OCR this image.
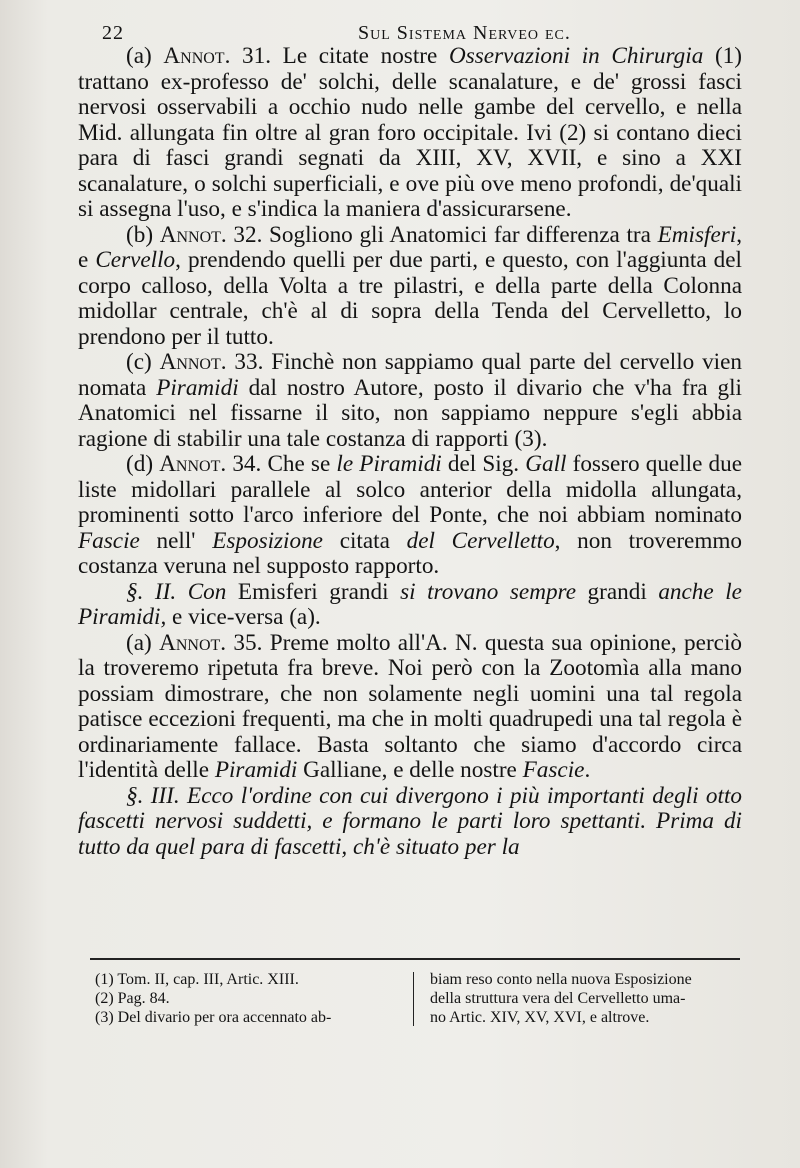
22	Sul Sistema Nerveo ec.

(a) Annot. 31. Le citate nostre Osservazioni in Chirurgia (1) trattano ex-professo de' solchi, delle scanalature, e de' grossi fasci nervosi osservabili a occhio nudo nelle gambe del cervello, e nella Mid. allungata fin oltre al gran foro occipitale. Ivi (2) si contano dieci para di fasci grandi segnati da XIII, XV, XVII, e sino a XXI scanalature, o solchi superficiali, e ove più ove meno profondi, de'quali si assegna l'uso, e s'indica la maniera d'assicurarsene.

(b) Annot. 32. Sogliono gli Anatomici far differenza tra Emisferi, e Cervello, prendendo quelli per due parti, e questo, con l'aggiunta del corpo calloso, della Volta a tre pilastri, e della parte della Colonna midollar centrale, ch'è al di sopra della Tenda del Cervelletto, lo prendono per il tutto.

(c) Annot. 33. Finchè non sappiamo qual parte del cervello vien nomata Piramidi dal nostro Autore, posto il divario che v'ha fra gli Anatomici nel fissarne il sito, non sappiamo neppure s'egli abbia ragione di stabilir una tale costanza di rapporti (3).

(d) Annot. 34. Che se le Piramidi del Sig. Gall fossero quelle due liste midollari parallele al solco anterior della midolla allungata, prominenti sotto l'arco inferiore del Ponte, che noi abbiam nominato Fascie nell' Esposizione citata del Cervelletto, non troveremmo costanza veruna nel supposto rapporto.

§. II. Con Emisferi grandi si trovano sempre grandi anche le Piramidi, e vice-versa (a).

(a) Annot. 35. Preme molto all'A. N. questa sua opinione, perciò la troveremo ripetuta fra breve. Noi però con la Zootomìa alla mano possiam dimostrare, che non solamente negli uomini una tal regola patisce eccezioni frequenti, ma che in molti quadrupedi una tal regola è ordinariamente fallace. Basta soltanto che siamo d'accordo circa l'identità delle Piramidi Galliane, e delle nostre Fascie.

§. III. Ecco l'ordine con cui divergono i più importanti degli otto fascetti nervosi suddetti, e formano le parti loro spettanti. Prima di tutto da quel para di fascetti, ch'è situato per la

(1) Tom. II, cap. III, Artic. XIII.
(2) Pag. 84.
(3) Del divario per ora accennato ab-
biam reso conto nella nuova Esposizione
della struttura vera del Cervelletto uma-
no Artic. XIV, XV, XVI, e altrove.
